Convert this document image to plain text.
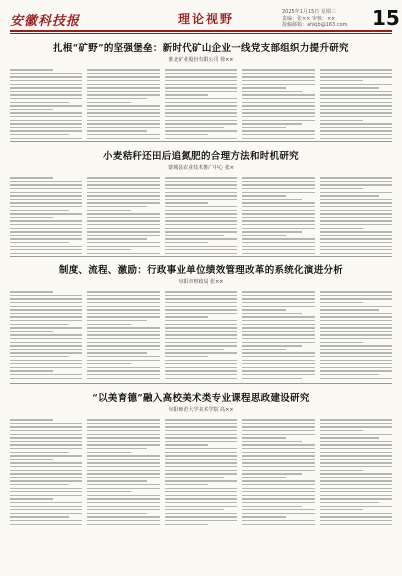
安徽科技报	理论视野	2025年1月15日 星期三
责编：张×× 审核：××
投稿邮箱：ahkjb@163.com	15
扎根“矿野”的坚强堡垒：新时代矿山企业一线党支部组织力提升研究
淮北矿业股份有限公司 徐××
小麦秸秆还田后追氮肥的合理方法和时机研究
蒙城县农业技术推广中心 张×
制度、流程、激励：行政事业单位绩效管理改革的系统化演进分析
阜阳市财政局 张××
“以美育德”融入高校美术类专业课程思政建设研究
阜阳师范大学美术学院 高××
